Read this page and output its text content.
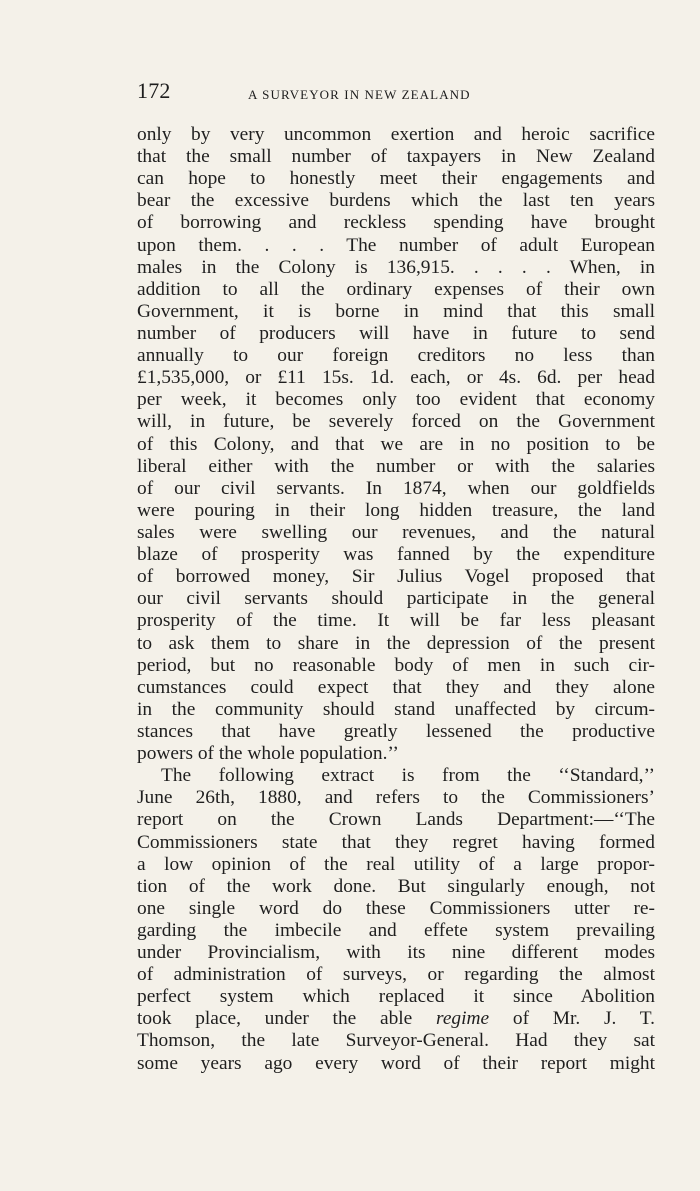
172	A SURVEYOR IN NEW ZEALAND
only by very uncommon exertion and heroic sacrifice
that the small number of taxpayers in New Zealand
can hope to honestly meet their engagements and
bear the excessive burdens which the last ten years
of borrowing and reckless spending have brought
upon them. . . . The number of adult European
males in the Colony is 136,915. . . . . When, in
addition to all the ordinary expenses of their own
Government, it is borne in mind that this small
number of producers will have in future to send
annually to our foreign creditors no less than
£1,535,000, or £11 15s. 1d. each, or 4s. 6d. per head
per week, it becomes only too evident that economy
will, in future, be severely forced on the Government
of this Colony, and that we are in no position to be
liberal either with the number or with the salaries
of our civil servants. In 1874, when our goldfields
were pouring in their long hidden treasure, the land
sales were swelling our revenues, and the natural
blaze of prosperity was fanned by the expenditure
of borrowed money, Sir Julius Vogel proposed that
our civil servants should participate in the general
prosperity of the time. It will be far less pleasant
to ask them to share in the depression of the present
period, but no reasonable body of men in such cir-
cumstances could expect that they and they alone
in the community should stand unaffected by circum-
stances that have greatly lessened the productive
powers of the whole population.’’
The following extract is from the ‘‘Standard,’’
June 26th, 1880, and refers to the Commissioners’
report on the Crown Lands Department:—‘‘The
Commissioners state that they regret having formed
a low opinion of the real utility of a large propor-
tion of the work done. But singularly enough, not
one single word do these Commissioners utter re-
garding the imbecile and effete system prevailing
under Provincialism, with its nine different modes
of administration of surveys, or regarding the almost
perfect system which replaced it since Abolition
took place, under the able regime of Mr. J. T.
Thomson, the late Surveyor-General. Had they sat
some years ago every word of their report might
